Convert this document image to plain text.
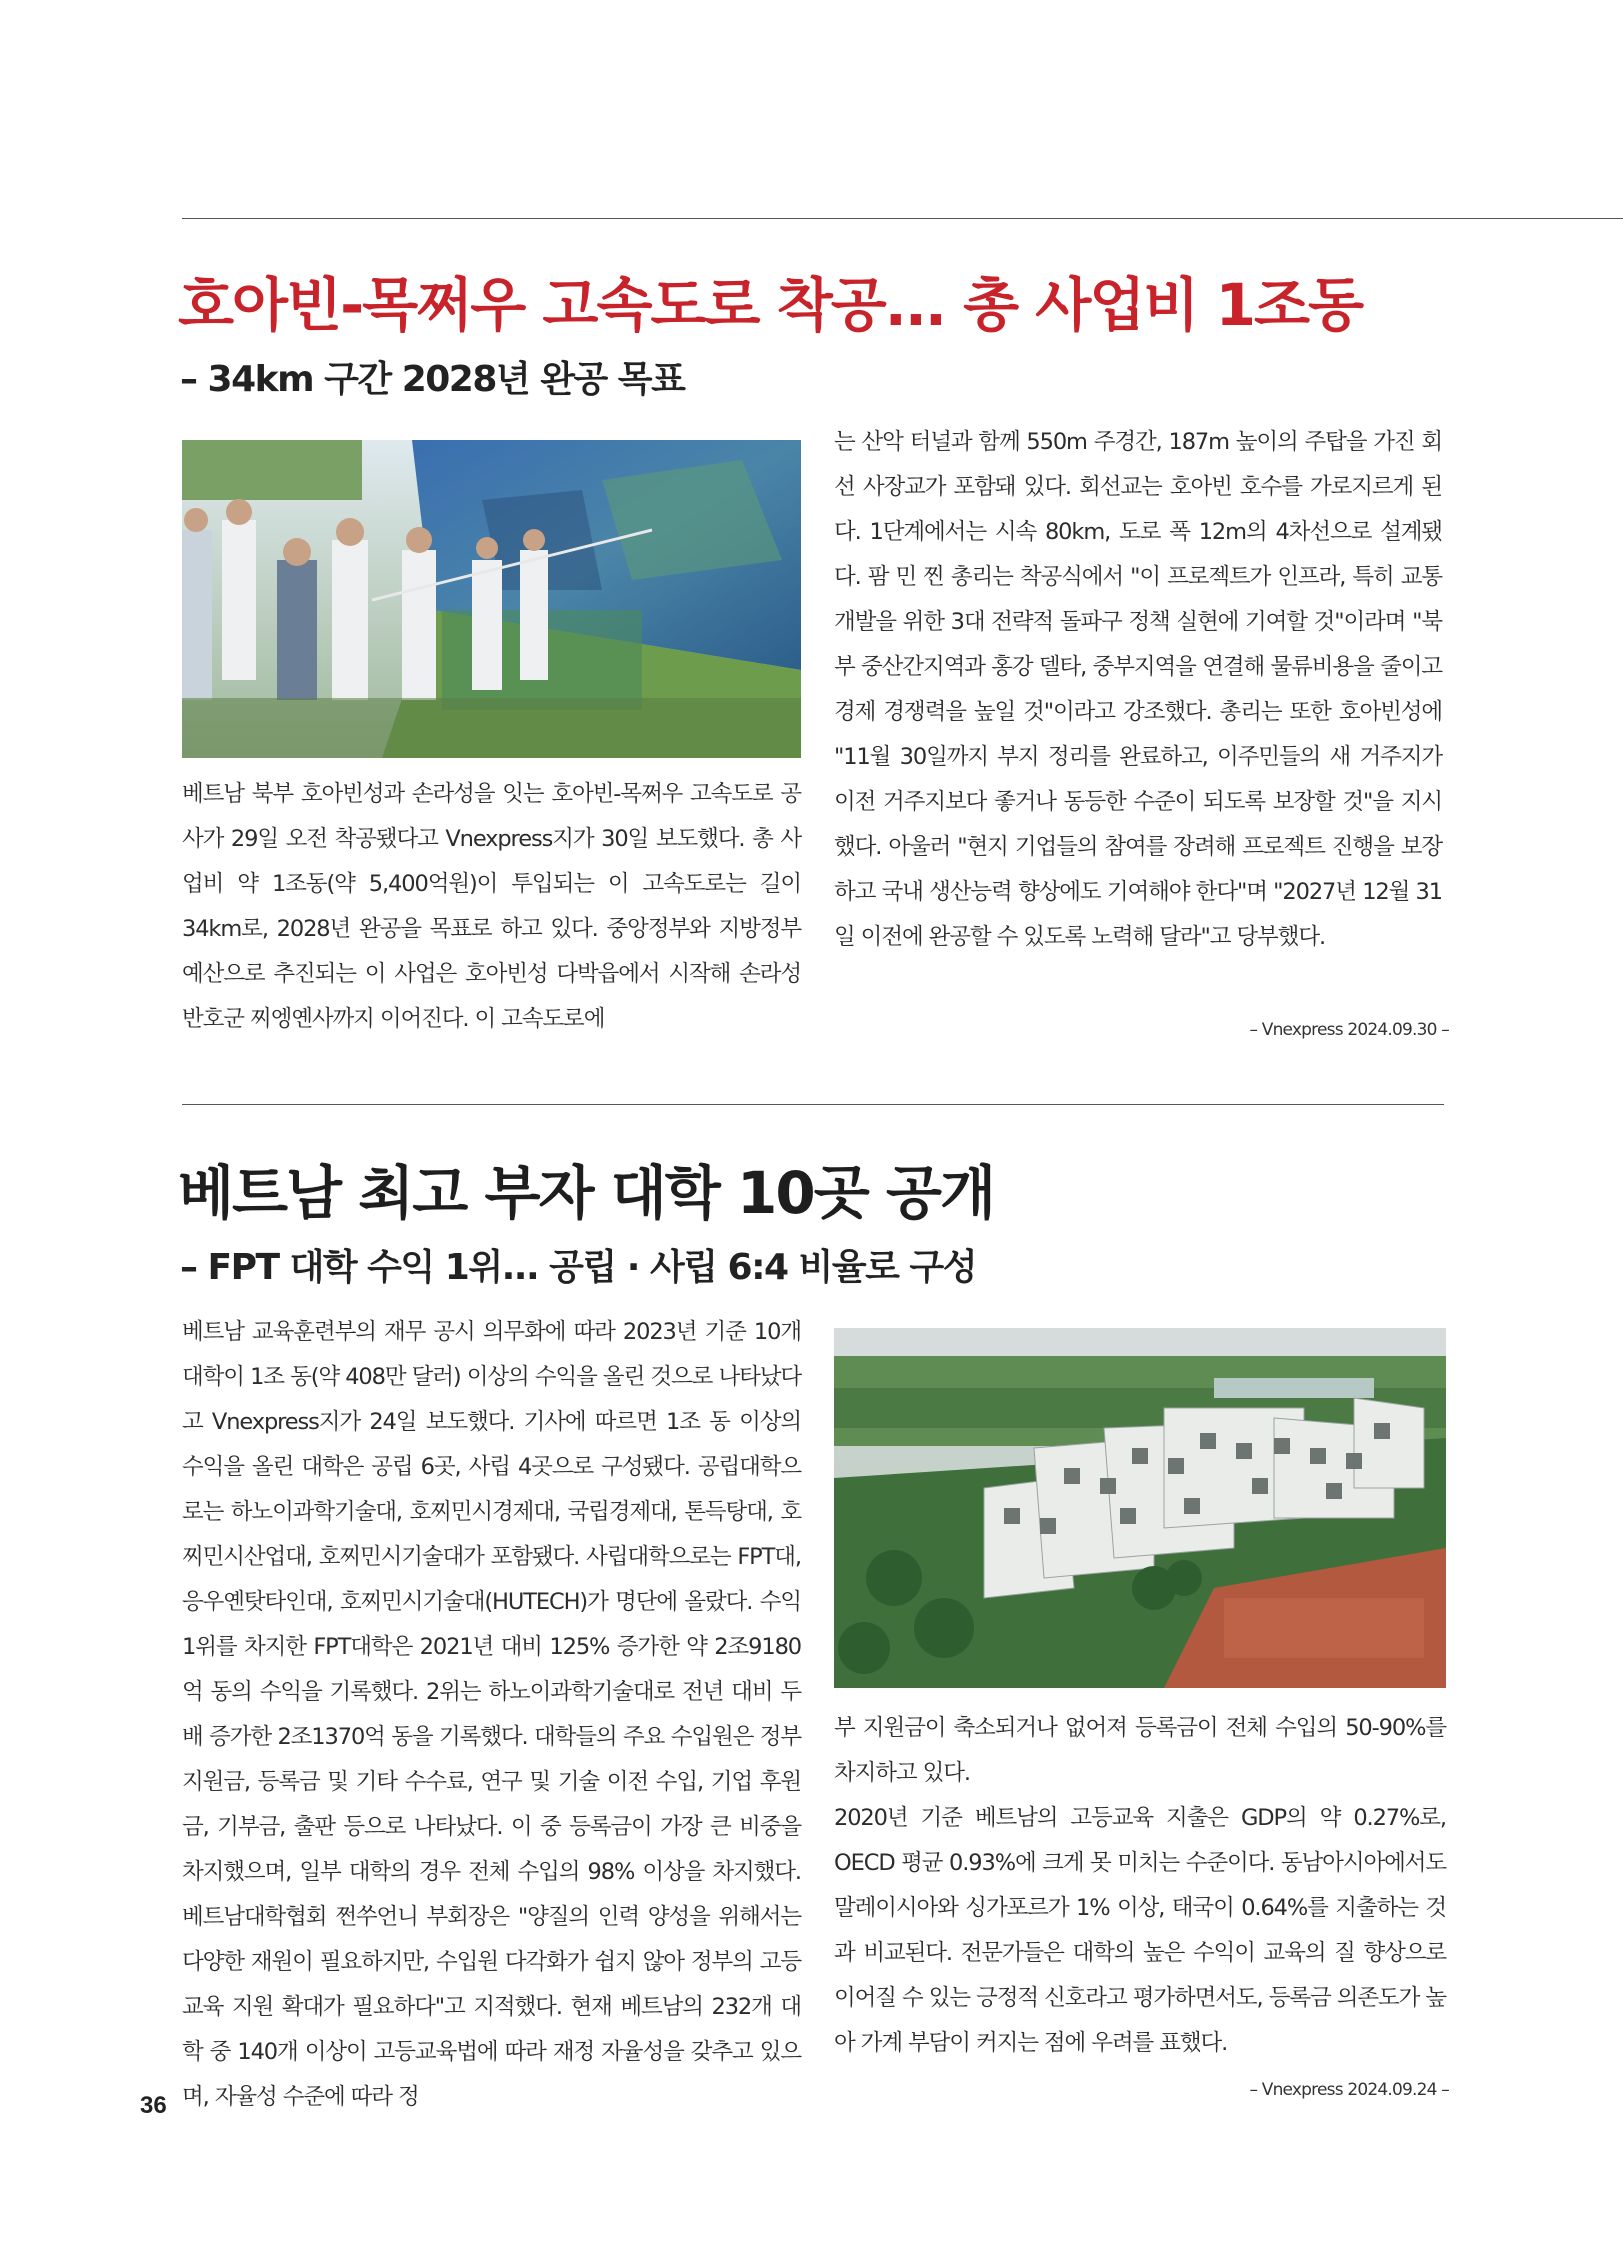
호아빈-목쩌우 고속도로 착공... 총 사업비 1조동
– 34km 구간 2028년 완공 목표

베트남 북부 호아빈성과 손라성을 잇는 호아빈-목쩌우 고속도로 공사가 29일 오전 착공됐다고 Vnexpress지가 30일 보도했다. 총 사업비 약 1조동(약 5,400억원)이 투입되는 이 고속도로는 길이 34km로, 2028년 완공을 목표로 하고 있다. 중앙정부와 지방정부 예산으로 추진되는 이 사업은 호아빈성 다박읍에서 시작해 손라성 반호군 찌엥옌사까지 이어진다. 이 고속도로에

는 산악 터널과 함께 550m 주경간, 187m 높이의 주탑을 가진 회선 사장교가 포함돼 있다. 회선교는 호아빈 호수를 가로지르게 된다. 1단계에서는 시속 80km, 도로 폭 12m의 4차선으로 설계됐다. 팜 민 찐 총리는 착공식에서 "이 프로젝트가 인프라, 특히 교통 개발을 위한 3대 전략적 돌파구 정책 실현에 기여할 것"이라며 "북부 중산간지역과 홍강 델타, 중부지역을 연결해 물류비용을 줄이고 경제 경쟁력을 높일 것"이라고 강조했다. 총리는 또한 호아빈성에 "11월 30일까지 부지 정리를 완료하고, 이주민들의 새 거주지가 이전 거주지보다 좋거나 동등한 수준이 되도록 보장할 것"을 지시했다. 아울러 "현지 기업들의 참여를 장려해 프로젝트 진행을 보장하고 국내 생산능력 향상에도 기여해야 한다"며 "2027년 12월 31일 이전에 완공할 수 있도록 노력해 달라"고 당부했다.

– Vnexpress 2024.09.30 –
베트남 최고 부자 대학 10곳 공개
– FPT 대학 수익 1위... 공립 · 사립 6:4 비율로 구성

베트남 교육훈련부의 재무 공시 의무화에 따라 2023년 기준 10개 대학이 1조 동(약 408만 달러) 이상의 수익을 올린 것으로 나타났다고 Vnexpress지가 24일 보도했다. 기사에 따르면 1조 동 이상의 수익을 올린 대학은 공립 6곳, 사립 4곳으로 구성됐다. 공립대학으로는 하노이과학기술대, 호찌민시경제대, 국립경제대, 톤득탕대, 호찌민시산업대, 호찌민시기술대가 포함됐다. 사립대학으로는 FPT대, 응우옌탓타인대, 호찌민시기술대(HUTECH)가 명단에 올랐다. 수익 1위를 차지한 FPT대학은 2021년 대비 125% 증가한 약 2조9180억 동의 수익을 기록했다. 2위는 하노이과학기술대로 전년 대비 두 배 증가한 2조1370억 동을 기록했다. 대학들의 주요 수입원은 정부 지원금, 등록금 및 기타 수수료, 연구 및 기술 이전 수입, 기업 후원금, 기부금, 출판 등으로 나타났다. 이 중 등록금이 가장 큰 비중을 차지했으며, 일부 대학의 경우 전체 수입의 98% 이상을 차지했다. 베트남대학협회 쩐쑤언니 부회장은 "양질의 인력 양성을 위해서는 다양한 재원이 필요하지만, 수입원 다각화가 쉽지 않아 정부의 고등교육 지원 확대가 필요하다"고 지적했다. 현재 베트남의 232개 대학 중 140개 이상이 고등교육법에 따라 재정 자율성을 갖추고 있으며, 자율성 수준에 따라 정

부 지원금이 축소되거나 없어져 등록금이 전체 수입의 50-90%를 차지하고 있다.

2020년 기준 베트남의 고등교육 지출은 GDP의 약 0.27%로, OECD 평균 0.93%에 크게 못 미치는 수준이다. 동남아시아에서도 말레이시아와 싱가포르가 1% 이상, 태국이 0.64%를 지출하는 것과 비교된다. 전문가들은 대학의 높은 수익이 교육의 질 향상으로 이어질 수 있는 긍정적 신호라고 평가하면서도, 등록금 의존도가 높아 가계 부담이 커지는 점에 우려를 표했다.

– Vnexpress 2024.09.24 –
36
